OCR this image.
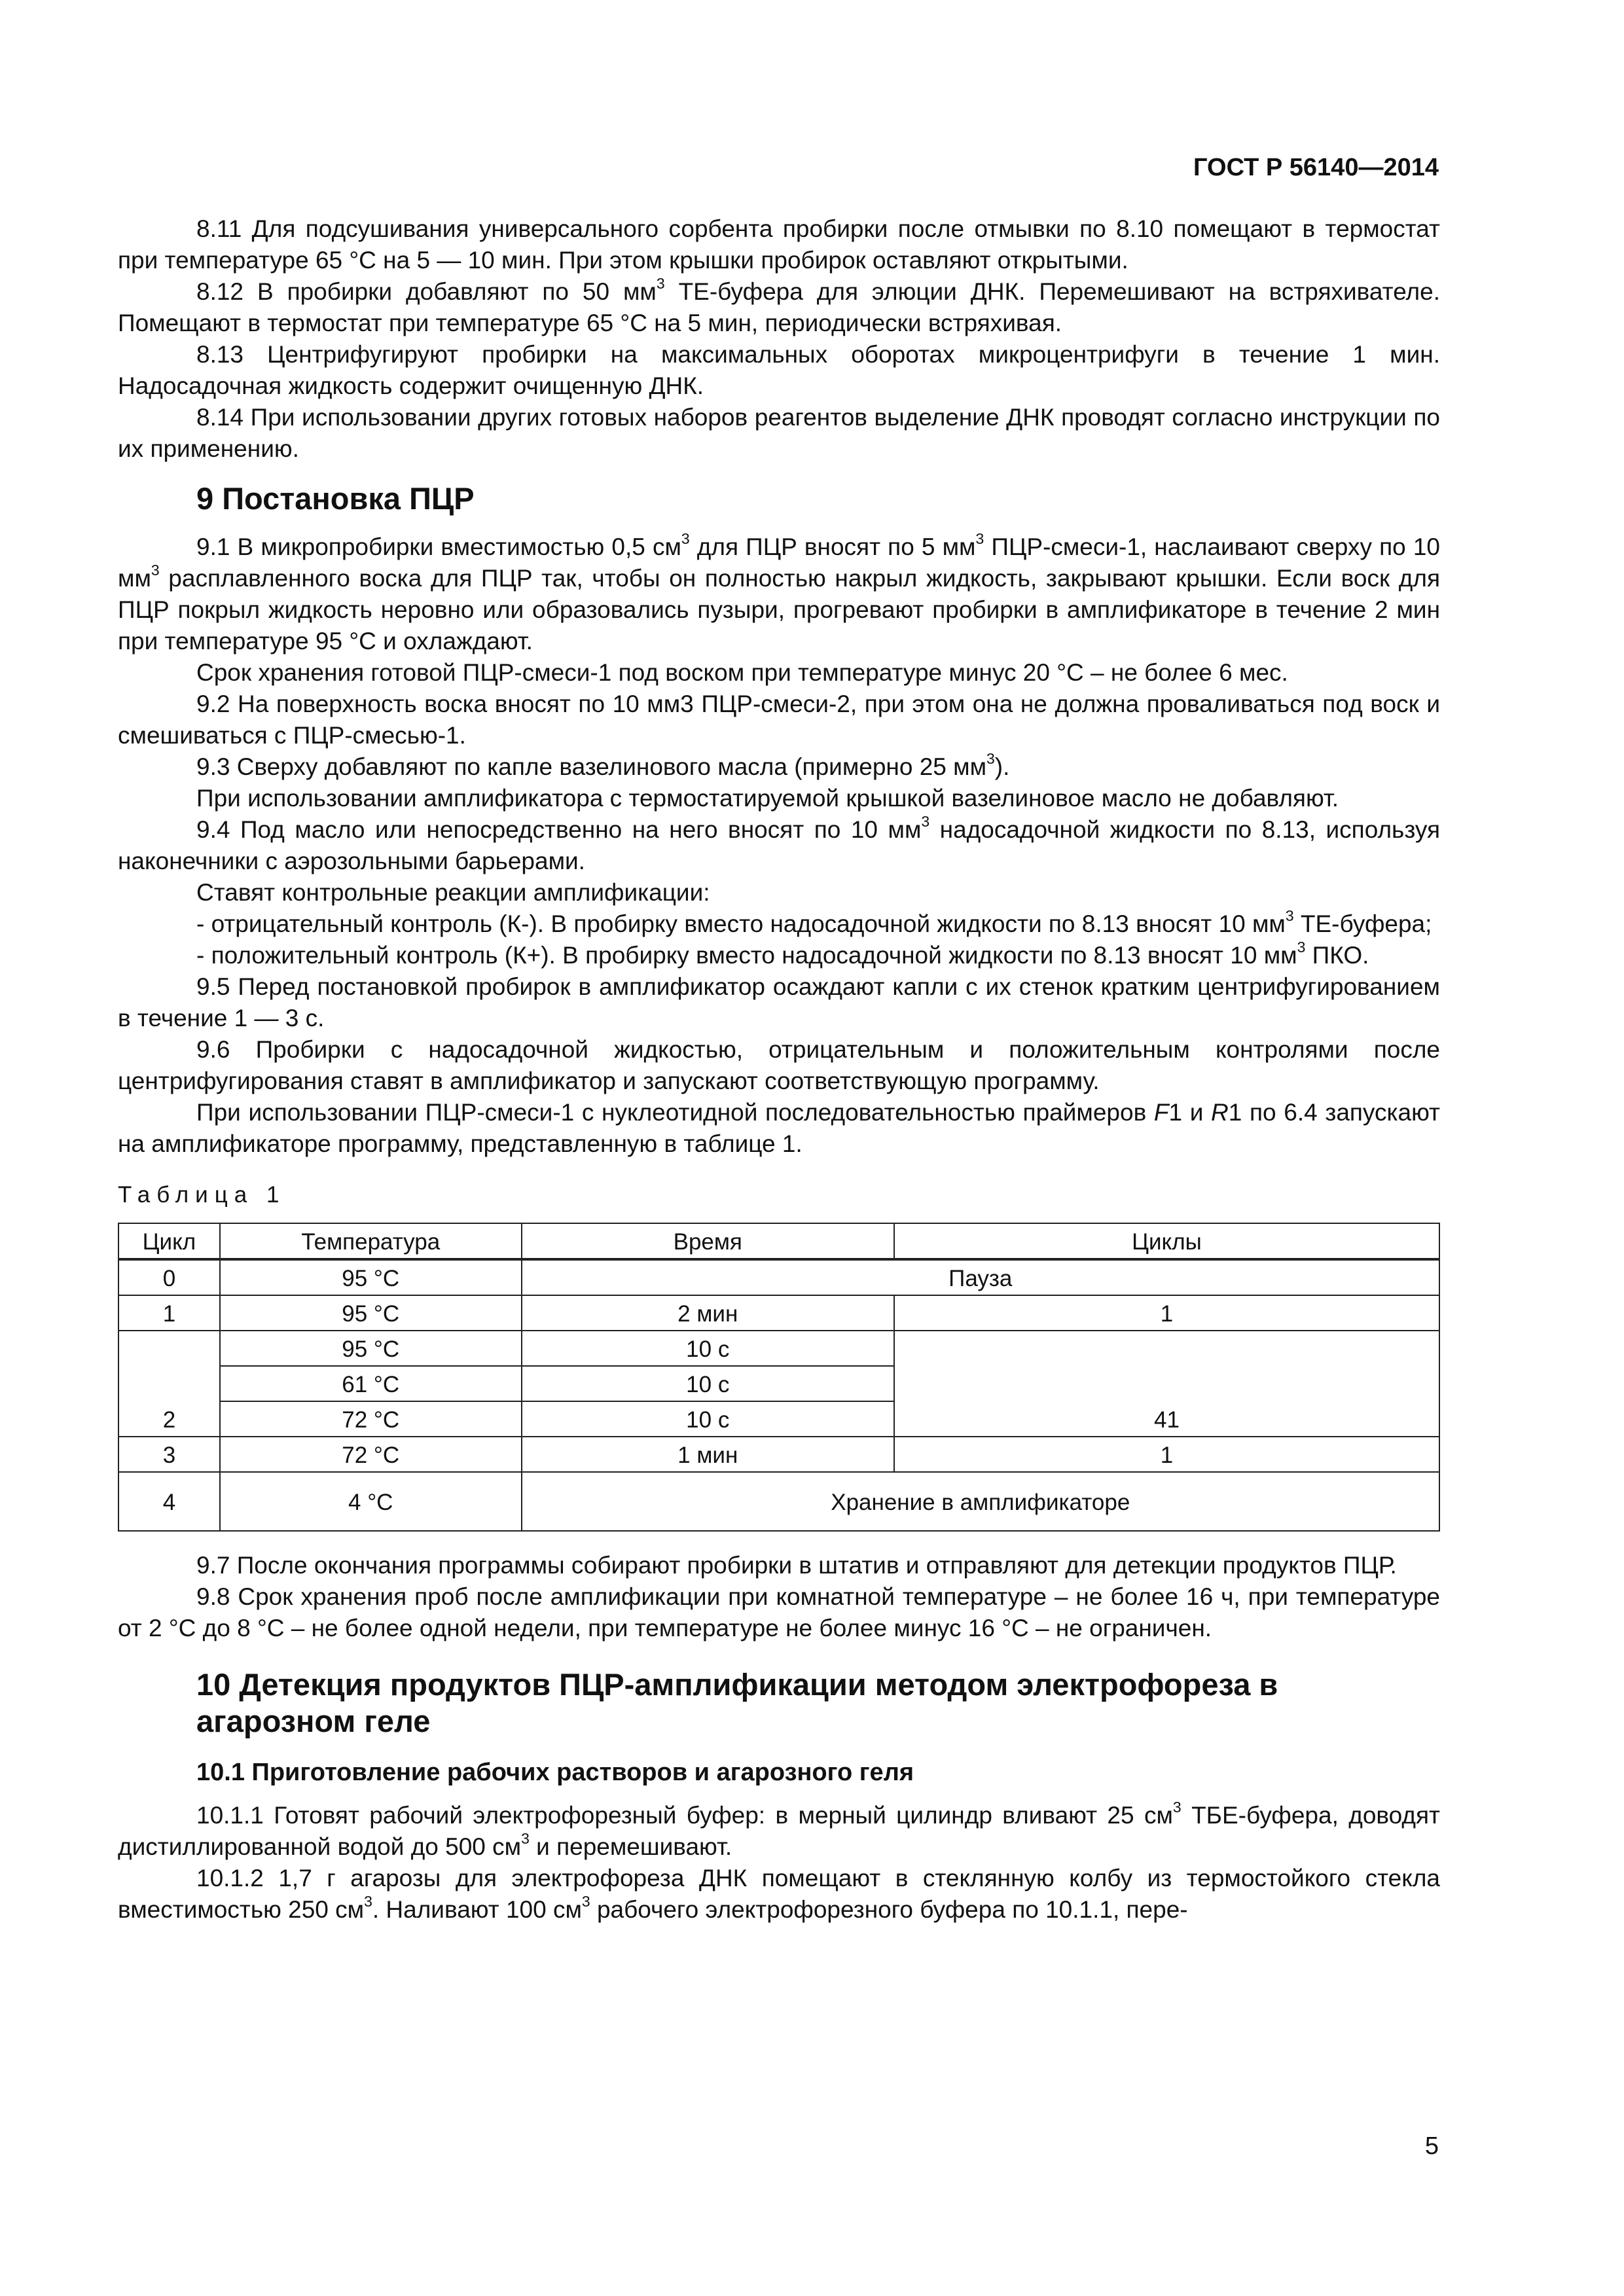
ГОСТ Р 56140—2014

8.11 Для подсушивания универсального сорбента пробирки после отмывки по 8.10 помещают в термостат при температуре 65 °С на 5 — 10 мин. При этом крышки пробирок оставляют открытыми.

8.12 В пробирки добавляют по 50 $мм^3$ ТЕ-буфера для элюции ДНК. Перемешивают на встряхивателе. Помещают в термостат при температуре 65 °С на 5 мин, периодически встряхивая.

8.13 Центрифугируют пробирки на максимальных оборотах микроцентрифуги в течение 1 мин. Надосадочная жидкость содержит очищенную ДНК.

8.14 При использовании других готовых наборов реагентов выделение ДНК проводят согласно инструкции по их применению.

9 Постановка ПЦР

9.1 В микропробирки вместимостью 0,5 $см^3$ для ПЦР вносят по 5 $мм^3$ ПЦР-смеси-1, наслаивают сверху по 10 $мм^3$ расплавленного воска для ПЦР так, чтобы он полностью накрыл жидкость, закрывают крышки. Если воск для ПЦР покрыл жидкость неровно или образовались пузыри, прогревают пробирки в амплификаторе в течение 2 мин при температуре 95 °С и охлаждают.

Срок хранения готовой ПЦР-смеси-1 под воском при температуре минус 20 °С – не более 6 мес.

9.2 На поверхность воска вносят по 10 мм3 ПЦР-смеси-2, при этом она не должна проваливаться под воск и смешиваться с ПЦР-смесью-1.

9.3 Сверху добавляют по капле вазелинового масла (примерно 25 $мм^3$).

При использовании амплификатора с термостатируемой крышкой вазелиновое масло не добавляют.

9.4 Под масло или непосредственно на него вносят по 10 $мм^3$ надосадочной жидкости по 8.13, используя наконечники с аэрозольными барьерами.

Ставят контрольные реакции амплификации:

- отрицательный контроль (К-). В пробирку вместо надосадочной жидкости по 8.13 вносят 10 $мм^3$ ТЕ-буфера;

- положительный контроль (К+). В пробирку вместо надосадочной жидкости по 8.13 вносят 10 $мм^3$ ПКО.

9.5 Перед постановкой пробирок в амплификатор осаждают капли с их стенок кратким центрифугированием в течение 1 — 3 с.

9.6 Пробирки с надосадочной жидкостью, отрицательным и положительным контролями после центрифугирования ставят в амплификатор и запускают соответствующую программу.

При использовании ПЦР-смеси-1 с нуклеотидной последовательностью праймеров F1 и R1 по 6.4 запускают на амплификаторе программу, представленную в таблице 1.

Таблица 1
Цикл	Температура	Время	Циклы
0	95 °С	Пауза	
1	95 °С	2 мин	1
2	95 °С	10 с	41
	61 °С	10 с	
	72 °С	10 с	
3	72 °С	1 мин	1
4	4 °С	Хранение в амплификаторе	

9.7 После окончания программы собирают пробирки в штатив и отправляют для детекции продуктов ПЦР.

9.8 Срок хранения проб после амплификации при комнатной температуре – не более 16 ч, при температуре от 2 °С до 8 °С – не более одной недели, при температуре не более минус 16 °С – не ограничен.

10 Детекция продуктов ПЦР-амплификации методом электрофореза в агарозном геле
10.1 Приготовление рабочих растворов и агарозного геля

10.1.1 Готовят рабочий электрофорезный буфер: в мерный цилиндр вливают 25 $см^3$ ТБЕ-буфера, доводят дистиллированной водой до 500 $см^3$ и перемешивают.

10.1.2 1,7 г агарозы для электрофореза ДНК помещают в стеклянную колбу из термостойкого стекла вместимостью 250 $см^3$. Наливают 100 $см^3$ рабочего электрофорезного буфера по 10.1.1, пере-

5
